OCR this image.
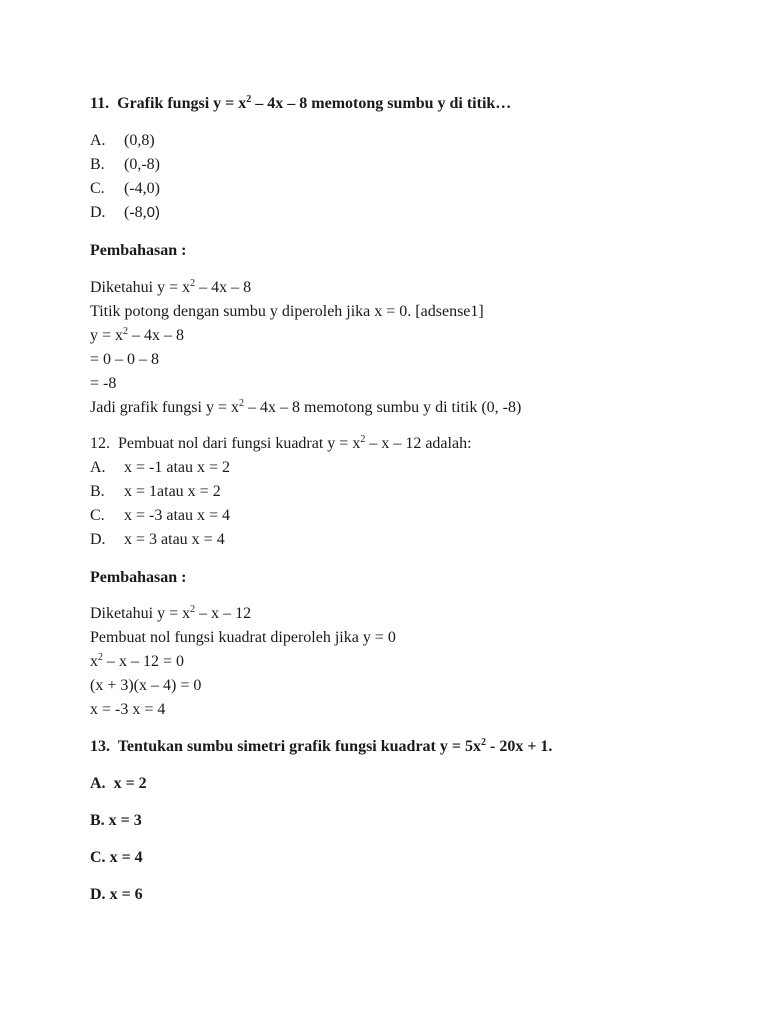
11. Grafik fungsi $y = x^2 - 4x - 8$ memotong sumbu y di titik…
A. (0,8)
B. (0,-8)
C. (-4,0)
D. (-8,0)
Pembahasan :
Diketahui $y = x^2 - 4x - 8$
Titik potong dengan sumbu y diperoleh jika x = 0. [adsense1]
$y = x^2 - 4x - 8$
= 0 – 0 – 8
= -8
Jadi grafik fungsi $y = x^2 - 4x - 8$ memotong sumbu y di titik (0, -8)
12. Pembuat nol dari fungsi kuadrat $y = x^2 - x - 12$ adalah:
A. x = -1 atau x = 2
B. x = 1atau x = 2
C. x = -3 atau x = 4
D. x = 3 atau x = 4
Pembahasan :
Diketahui $y = x^2 - x - 12$
Pembuat nol fungsi kuadrat diperoleh jika y = 0
$x^2 - x - 12 = 0$
(x + 3)(x – 4) = 0
x = -3 x = 4
13. Tentukan sumbu simetri grafik fungsi kuadrat $y = 5x^2 - 20x + 1$.
A. x = 2
B. x = 3
C. x = 4
D. x = 6
